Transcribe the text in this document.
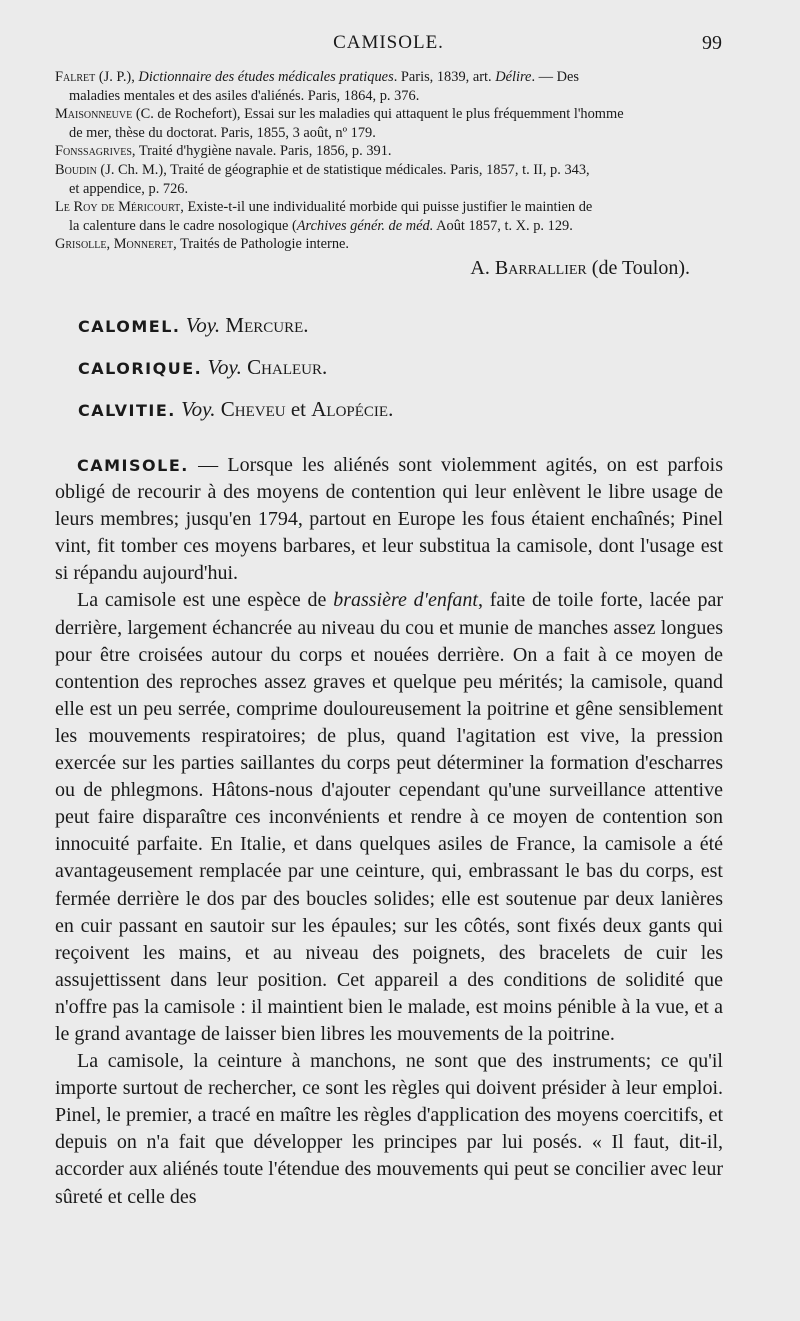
CAMISOLE.	99
Falret (J. P.), Dictionnaire des études médicales pratiques. Paris, 1839, art. Délire. — Des
maladies mentales et des asiles d'aliénés. Paris, 1864, p. 376.
Maisonneuve (C. de Rochefort), Essai sur les maladies qui attaquent le plus fréquemment l'homme
de mer, thèse du doctorat. Paris, 1855, 3 août, nº 179.
Fonssagrives, Traité d'hygiène navale. Paris, 1856, p. 391.
Boudin (J. Ch. M.), Traité de géographie et de statistique médicales. Paris, 1857, t. II, p. 343,
et appendice, p. 726.
Le Roy de Méricourt, Existe-t-il une individualité morbide qui puisse justifier le maintien de
la calenture dans le cadre nosologique (Archives génér. de méd. Août 1857, t. X. p. 129.
Grisolle, Monneret, Traités de Pathologie interne.
A. Barrallier (de Toulon).
CALOMEL. Voy. Mercure.
CALORIQUE. Voy. Chaleur.
CALVITIE. Voy. Cheveu et Alopécie.

CAMISOLE. — Lorsque les aliénés sont violemment agités, on est parfois obligé de recourir à des moyens de contention qui leur enlèvent le libre usage de leurs membres; jusqu'en 1794, partout en Europe les fous étaient enchaînés; Pinel vint, fit tomber ces moyens barbares, et leur substitua la camisole, dont l'usage est si répandu aujourd'hui.

La camisole est une espèce de brassière d'enfant, faite de toile forte, lacée par derrière, largement échancrée au niveau du cou et munie de manches assez longues pour être croisées autour du corps et nouées derrière. On a fait à ce moyen de contention des reproches assez graves et quelque peu mérités; la camisole, quand elle est un peu serrée, comprime douloureusement la poitrine et gêne sensiblement les mouvements respiratoires; de plus, quand l'agitation est vive, la pression exercée sur les parties saillantes du corps peut déterminer la formation d'escharres ou de phlegmons. Hâtons-nous d'ajouter cependant qu'une surveillance attentive peut faire disparaître ces inconvénients et rendre à ce moyen de contention son innocuité parfaite. En Italie, et dans quelques asiles de France, la camisole a été avantageusement remplacée par une ceinture, qui, embrassant le bas du corps, est fermée derrière le dos par des boucles solides; elle est soutenue par deux lanières en cuir passant en sautoir sur les épaules; sur les côtés, sont fixés deux gants qui reçoivent les mains, et au niveau des poignets, des bracelets de cuir les assujettissent dans leur position. Cet appareil a des conditions de solidité que n'offre pas la camisole : il maintient bien le malade, est moins pénible à la vue, et a le grand avantage de laisser bien libres les mouvements de la poitrine.

La camisole, la ceinture à manchons, ne sont que des instruments; ce qu'il importe surtout de rechercher, ce sont les règles qui doivent présider à leur emploi. Pinel, le premier, a tracé en maître les règles d'application des moyens coercitifs, et depuis on n'a fait que développer les principes par lui posés. « Il faut, dit-il, accorder aux aliénés toute l'étendue des mouvements qui peut se concilier avec leur sûreté et celle des
